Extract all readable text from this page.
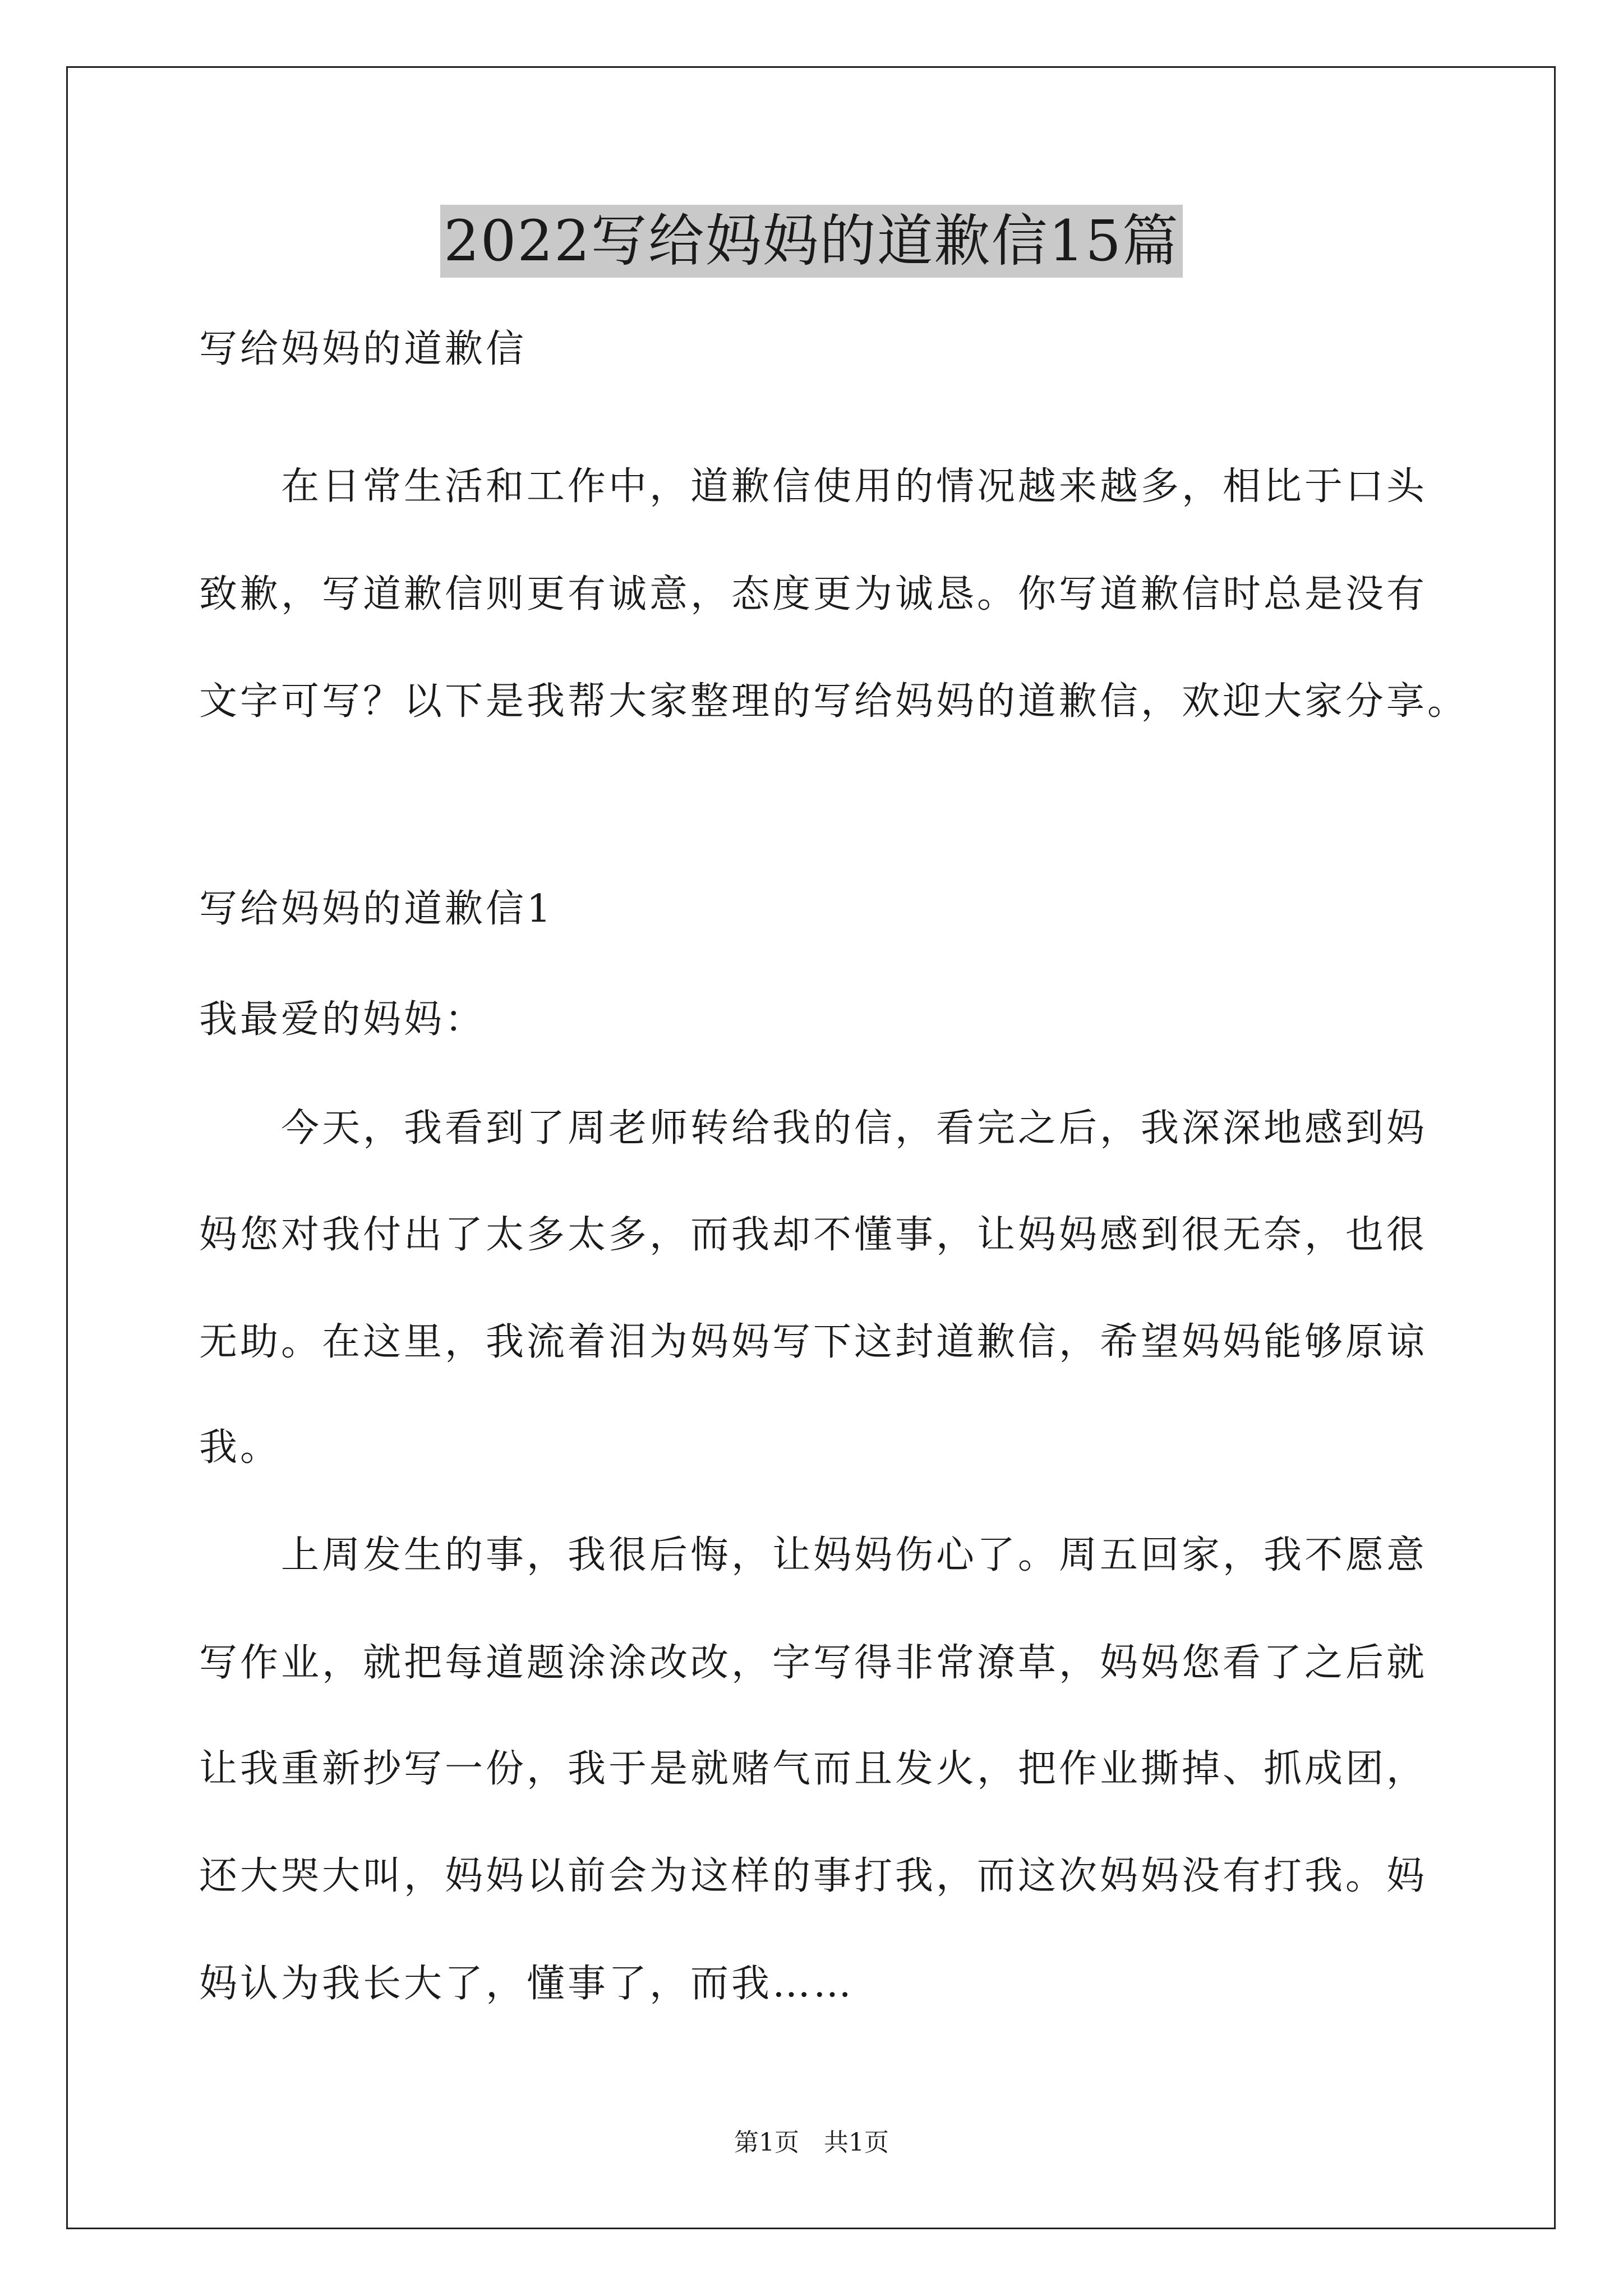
2022写给妈妈的道歉信15篇
写给妈妈的道歉信
　　在日常生活和工作中，道歉信使用的情况越来越多，相比于口头
致歉，写道歉信则更有诚意，态度更为诚恳。你写道歉信时总是没有
文字可写？以下是我帮大家整理的写给妈妈的道歉信，欢迎大家分享。
写给妈妈的道歉信1
我最爱的妈妈：
　　今天，我看到了周老师转给我的信，看完之后，我深深地感到妈
妈您对我付出了太多太多，而我却不懂事，让妈妈感到很无奈，也很
无助。在这里，我流着泪为妈妈写下这封道歉信，希望妈妈能够原谅
我。
　　上周发生的事，我很后悔，让妈妈伤心了。周五回家，我不愿意
写作业，就把每道题涂涂改改，字写得非常潦草，妈妈您看了之后就
让我重新抄写一份，我于是就赌气而且发火，把作业撕掉、抓成团，
还大哭大叫，妈妈以前会为这样的事打我，而这次妈妈没有打我。妈
妈认为我长大了，懂事了，而我……
第1页 共1页
